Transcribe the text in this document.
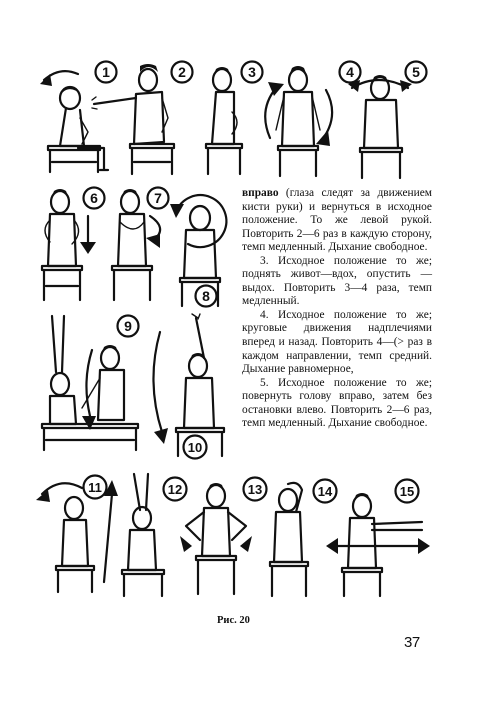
1	2	3	4	5
6	7
8
9
10

вправо (глаза следят за движением кисти руки) и вернуться в исходное положение. То же левой рукой. Повторить 2—6 раз в каждую сторону, темп медленный. Дыхание свободное.

3. Исходное положение то же; поднять живот—вдох, опустить — выдох. Повторить 3—4 раза, темп медленный.

4. Исходное положение то же; круговые движения надплечиями вперед и назад. Повторить 4—(> раз в каждом направлении, темп средний. Дыхание равномерное,

5. Исходное положение то же; повернуть голову вправо, затем без остановки влево. Повторить 2—6 раз, темп медленный. Дыхание свободное.

11	12	13	14	15
Рис. 20
37
